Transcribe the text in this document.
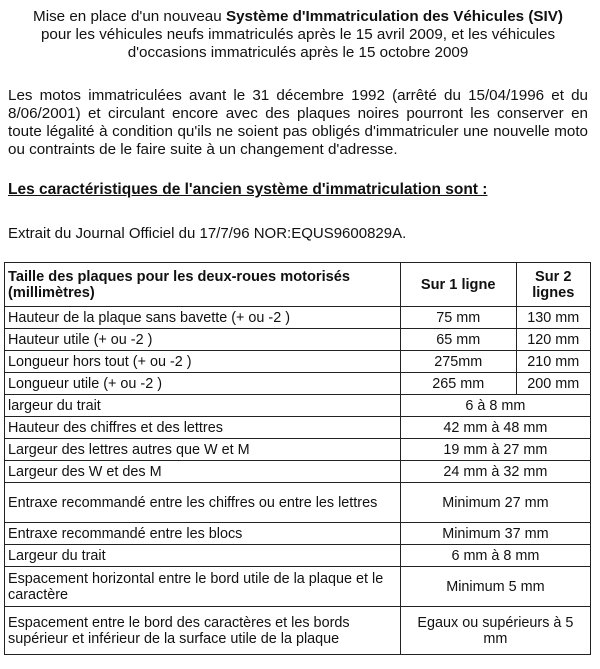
Mise en place d'un nouveau Système d'Immatriculation des Véhicules (SIV)
pour les véhicules neufs immatriculés après le 15 avril 2009, et les véhicules
d'occasions immatriculés après le 15 octobre 2009
Les motos immatriculées avant le 31 décembre 1992 (arrêté du 15/04/1996 et du 8/06/2001) et circulant encore avec des plaques noires pourront les conserver en toute légalité à condition qu'ils ne soient pas obligés d'immatriculer une nouvelle moto ou contraints de le faire suite à un changement d'adresse.
Les caractéristiques de l'ancien système d'immatriculation sont :
Extrait du Journal Officiel du 17/7/96 NOR:EQUS9600829A.
Taille des plaques pour les deux-roues motorisés (millimètres)	Sur 1 ligne	Sur 2 lignes
Hauteur de la plaque sans bavette (+ ou -2 )	75 mm	130 mm
Hauteur utile (+ ou -2 )	65 mm	120 mm
Longueur hors tout (+ ou -2 )	275mm	210 mm
Longueur utile (+ ou -2 )	265 mm	200 mm
largeur du trait	6 à 8 mm	
Hauteur des chiffres et des lettres	42 mm à 48 mm	
Largeur des lettres autres que W et M	19 mm à 27 mm	
Largeur des W et des M	24 mm à 32 mm	
Entraxe recommandé entre les chiffres ou entre les lettres	Minimum 27 mm	
Entraxe recommandé entre les blocs	Minimum 37 mm	
Largeur du trait	6 mm à 8 mm	
Espacement horizontal entre le bord utile de la plaque et le caractère	Minimum 5 mm	
Espacement entre le bord des caractères et les bords supérieur et inférieur de la surface utile de la plaque	Egaux ou supérieurs à 5 mm	
